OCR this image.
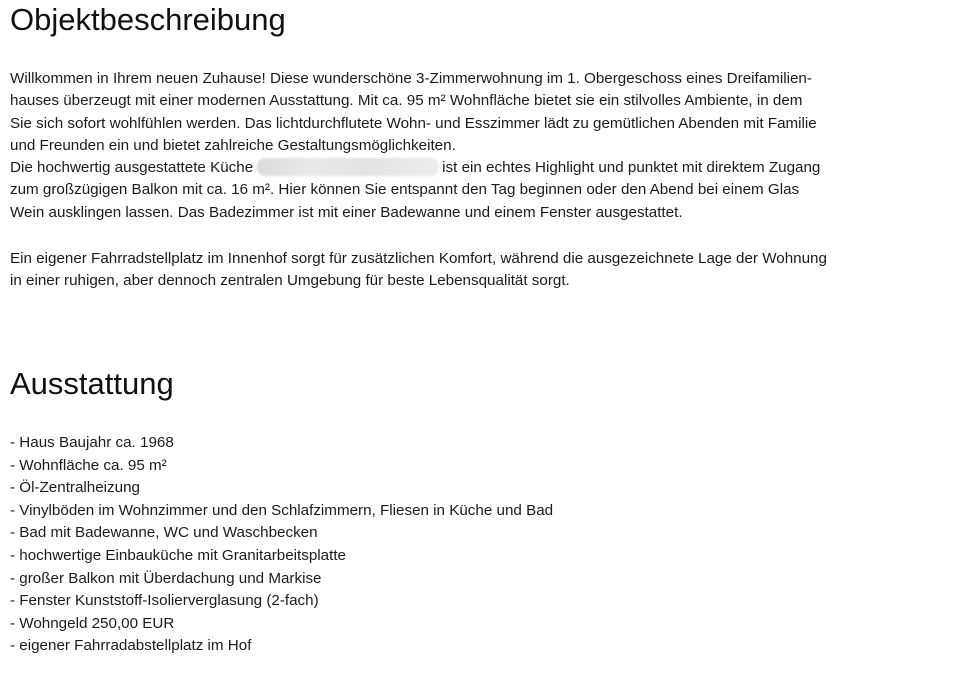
Objektbeschreibung

Willkommen in Ihrem neuen Zuhause! Diese wunderschöne 3-Zimmerwohnung im 1. Obergeschoss eines Dreifamilien-
hauses überzeugt mit einer modernen Ausstattung. Mit ca. 95 m² Wohnfläche bietet sie ein stilvolles Ambiente, in dem
Sie sich sofort wohlfühlen werden. Das lichtdurchflutete Wohn- und Esszimmer lädt zu gemütlichen Abenden mit Familie
und Freunden ein und bietet zahlreiche Gestaltungsmöglichkeiten.

Die hochwertig ausgestattete Küche	ist ein echtes Highlight und punktet mit direktem Zugang
zum großzügigen Balkon mit ca. 16 m². Hier können Sie entspannt den Tag beginnen oder den Abend bei einem Glas
Wein ausklingen lassen. Das Badezimmer ist mit einer Badewanne und einem Fenster ausgestattet.

Ein eigener Fahrradstellplatz im Innenhof sorgt für zusätzlichen Komfort, während die ausgezeichnete Lage der Wohnung
in einer ruhigen, aber dennoch zentralen Umgebung für beste Lebensqualität sorgt.

Ausstattung
- Haus Baujahr ca. 1968
- Wohnfläche ca. 95 m²
- Öl-Zentralheizung
- Vinylböden im Wohnzimmer und den Schlafzimmern, Fliesen in Küche und Bad
- Bad mit Badewanne, WC und Waschbecken
- hochwertige Einbauküche mit Granitarbeitsplatte
- großer Balkon mit Überdachung und Markise
- Fenster Kunststoff-Isolierverglasung (2-fach)
- Wohngeld 250,00 EUR
- eigener Fahrradabstellplatz im Hof
